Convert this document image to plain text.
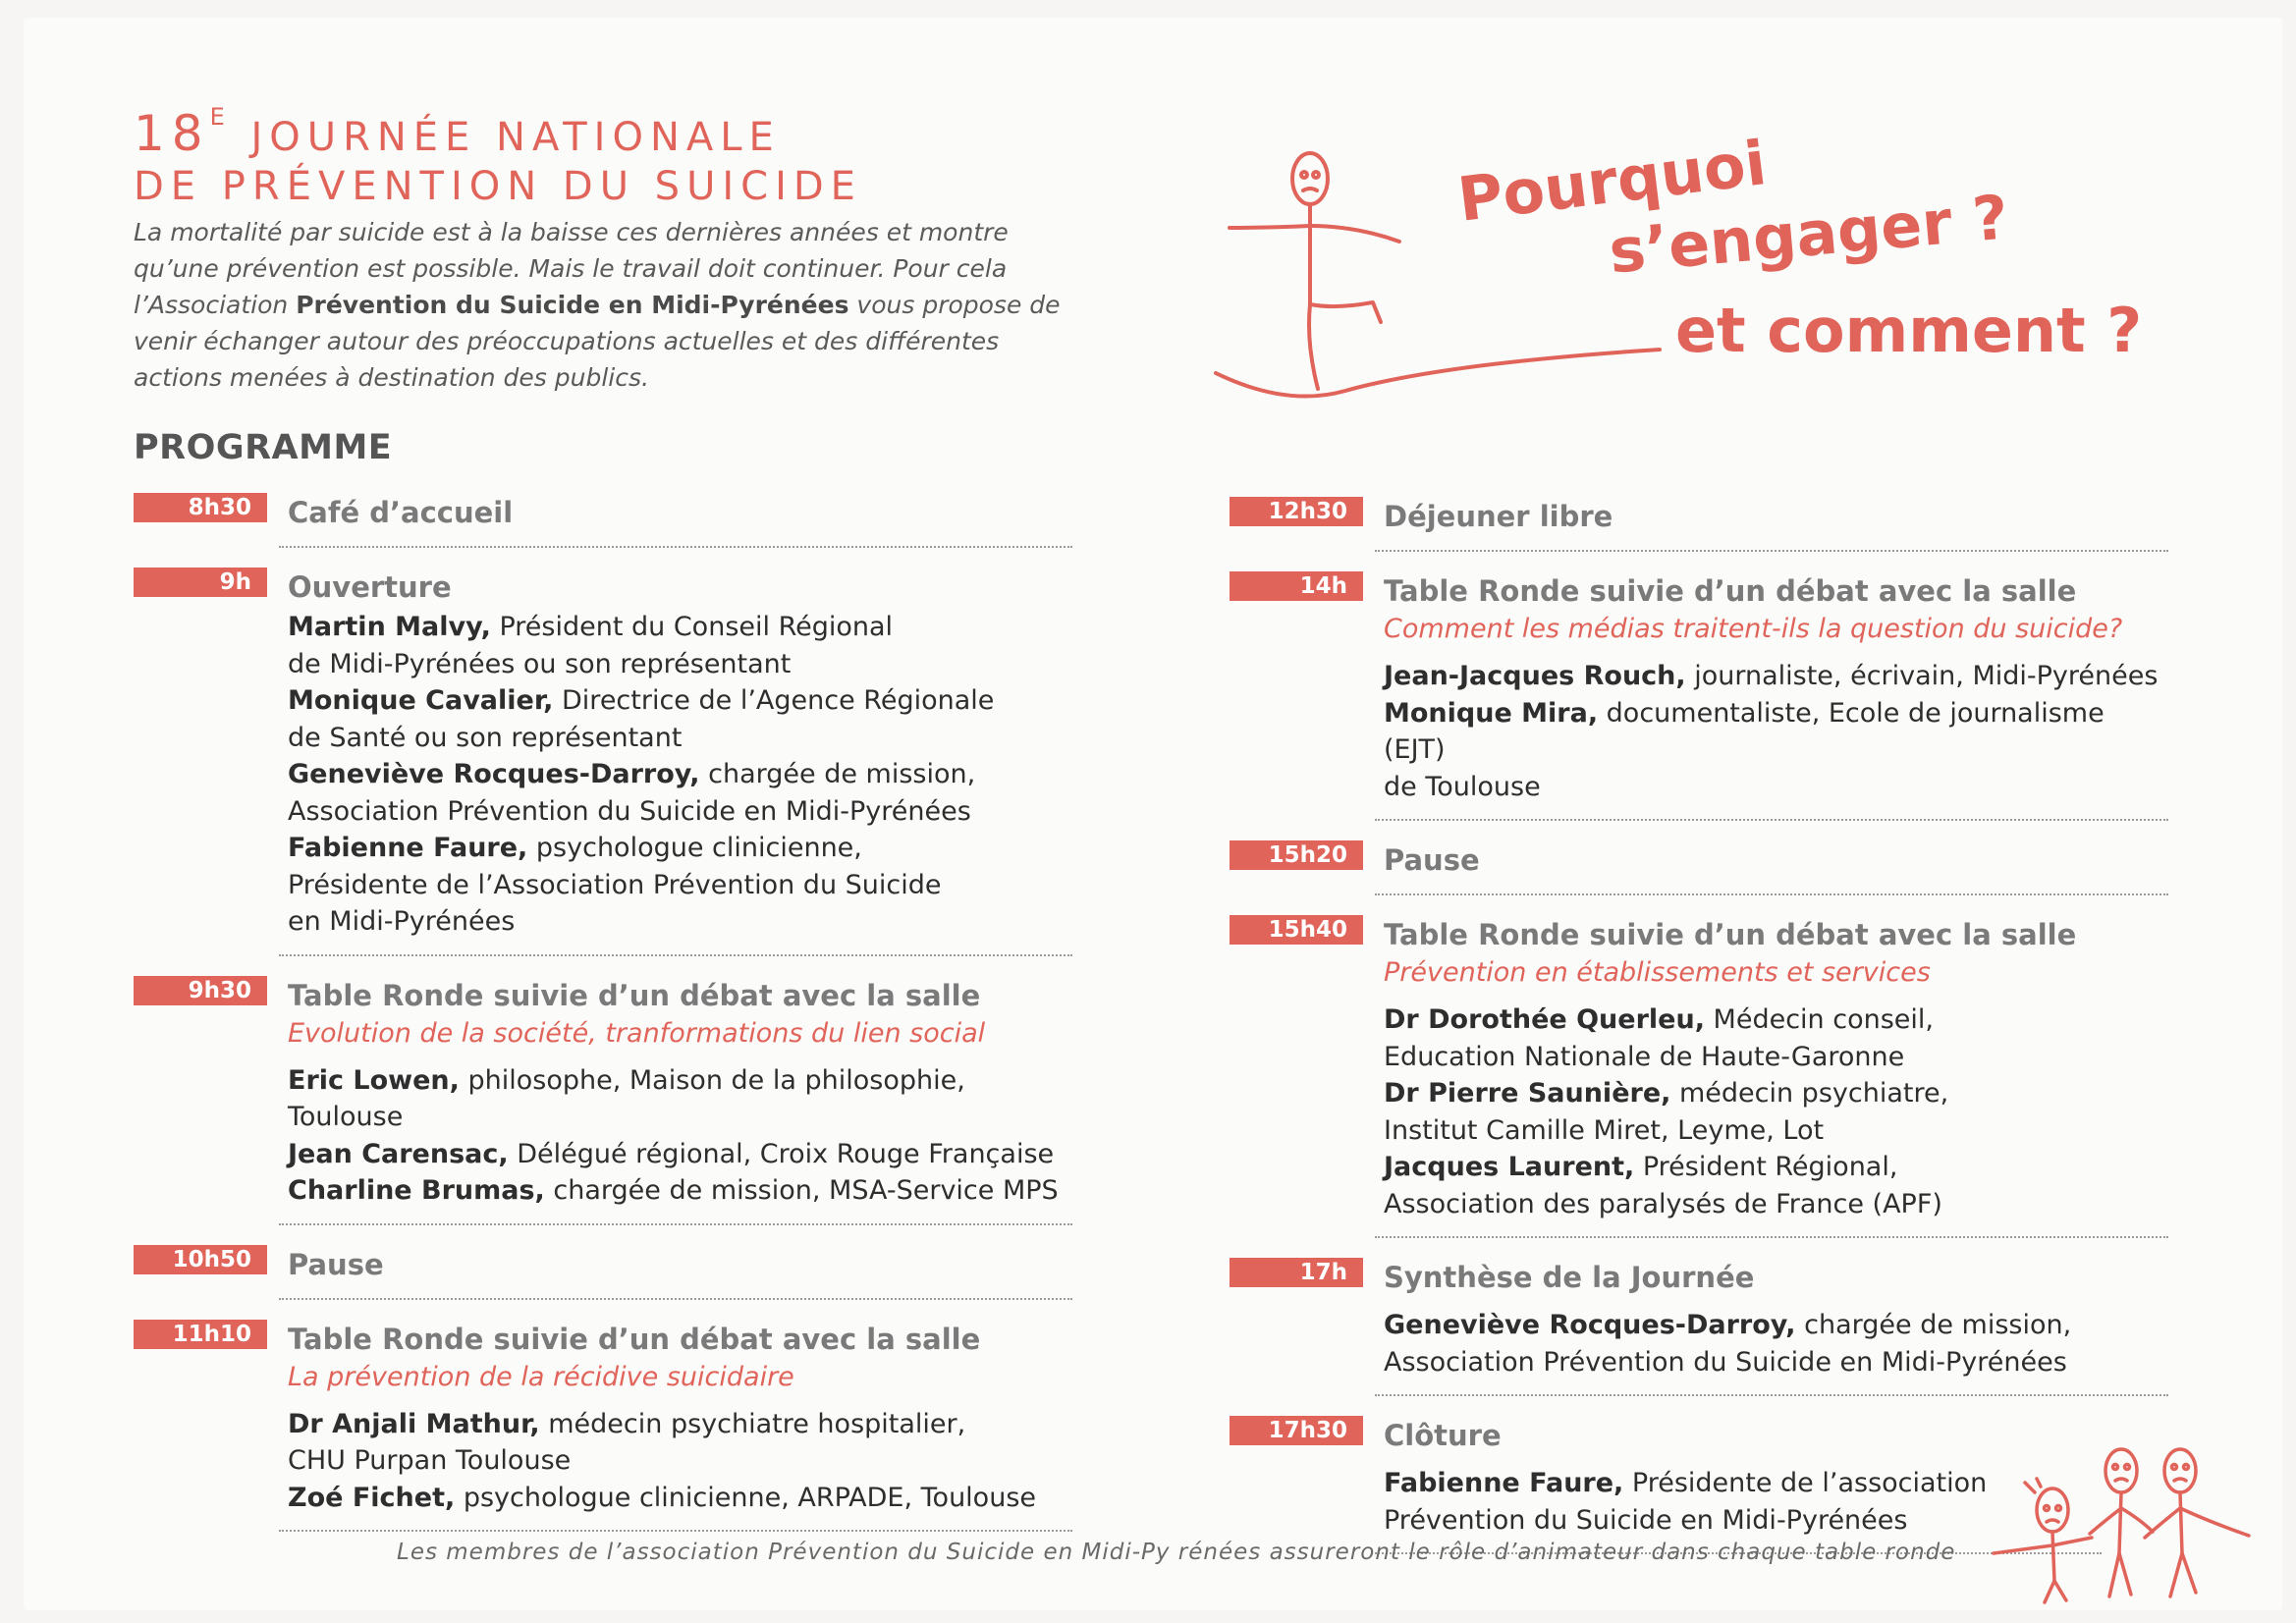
$18^E$ JOURNÉE NATIONALE
DE PRÉVENTION DU SUICIDE
La mortalité par suicide est à la baisse ces dernières années et montre qu’une prévention est possible. Mais le travail doit continuer. Pour cela l’Association Prévention du Suicide en Midi-Pyrénées vous propose de venir échanger autour des préoccupations actuelles et des différentes actions menées à destination des publics.
PROGRAMME
Pourquoi
s’engager ?
et comment ?
8h30	Café d’accueil
9h	Ouverture
Martin Malvy, Président du Conseil Régional
de Midi-Pyrénées ou son représentant
Monique Cavalier, Directrice de l’Agence Régionale
de Santé ou son représentant
Geneviève Rocques-Darroy, chargée de mission,
Association Prévention du Suicide en Midi-Pyrénées
Fabienne Faure, psychologue clinicienne,
Présidente de l’Association Prévention du Suicide
en Midi-Pyrénées
9h30	Table Ronde suivie d’un débat avec la salle
Evolution de la société, tranformations du lien social
Eric Lowen, philosophe, Maison de la philosophie, Toulouse
Jean Carensac, Délégué régional, Croix Rouge Française
Charline Brumas, chargée de mission, MSA-Service MPS
10h50	Pause
11h10	Table Ronde suivie d’un débat avec la salle
La prévention de la récidive suicidaire
Dr Anjali Mathur, médecin psychiatre hospitalier,
CHU Purpan Toulouse
Zoé Fichet, psychologue clinicienne, ARPADE, Toulouse
12h30	Déjeuner libre
14h	Table Ronde suivie d’un débat avec la salle
Comment les médias traitent-ils la question du suicide?
Jean-Jacques Rouch, journaliste, écrivain, Midi-Pyrénées
Monique Mira, documentaliste, Ecole de journalisme (EJT)
de Toulouse
15h20	Pause
15h40	Table Ronde suivie d’un débat avec la salle
Prévention en établissements et services
Dr Dorothée Querleu, Médecin conseil,
Education Nationale de Haute-Garonne
Dr Pierre Saunière, médecin psychiatre,
Institut Camille Miret, Leyme, Lot
Jacques Laurent, Président Régional,
Association des paralysés de France (APF)
17h	Synthèse de la Journée
Geneviève Rocques-Darroy, chargée de mission,
Association Prévention du Suicide en Midi-Pyrénées
17h30	Clôture
Fabienne Faure, Présidente de l’association
Prévention du Suicide en Midi-Pyrénées
Les membres de l’association Prévention du Suicide en Midi-Py rénées assureront le rôle d’animateur dans chaque table ronde
